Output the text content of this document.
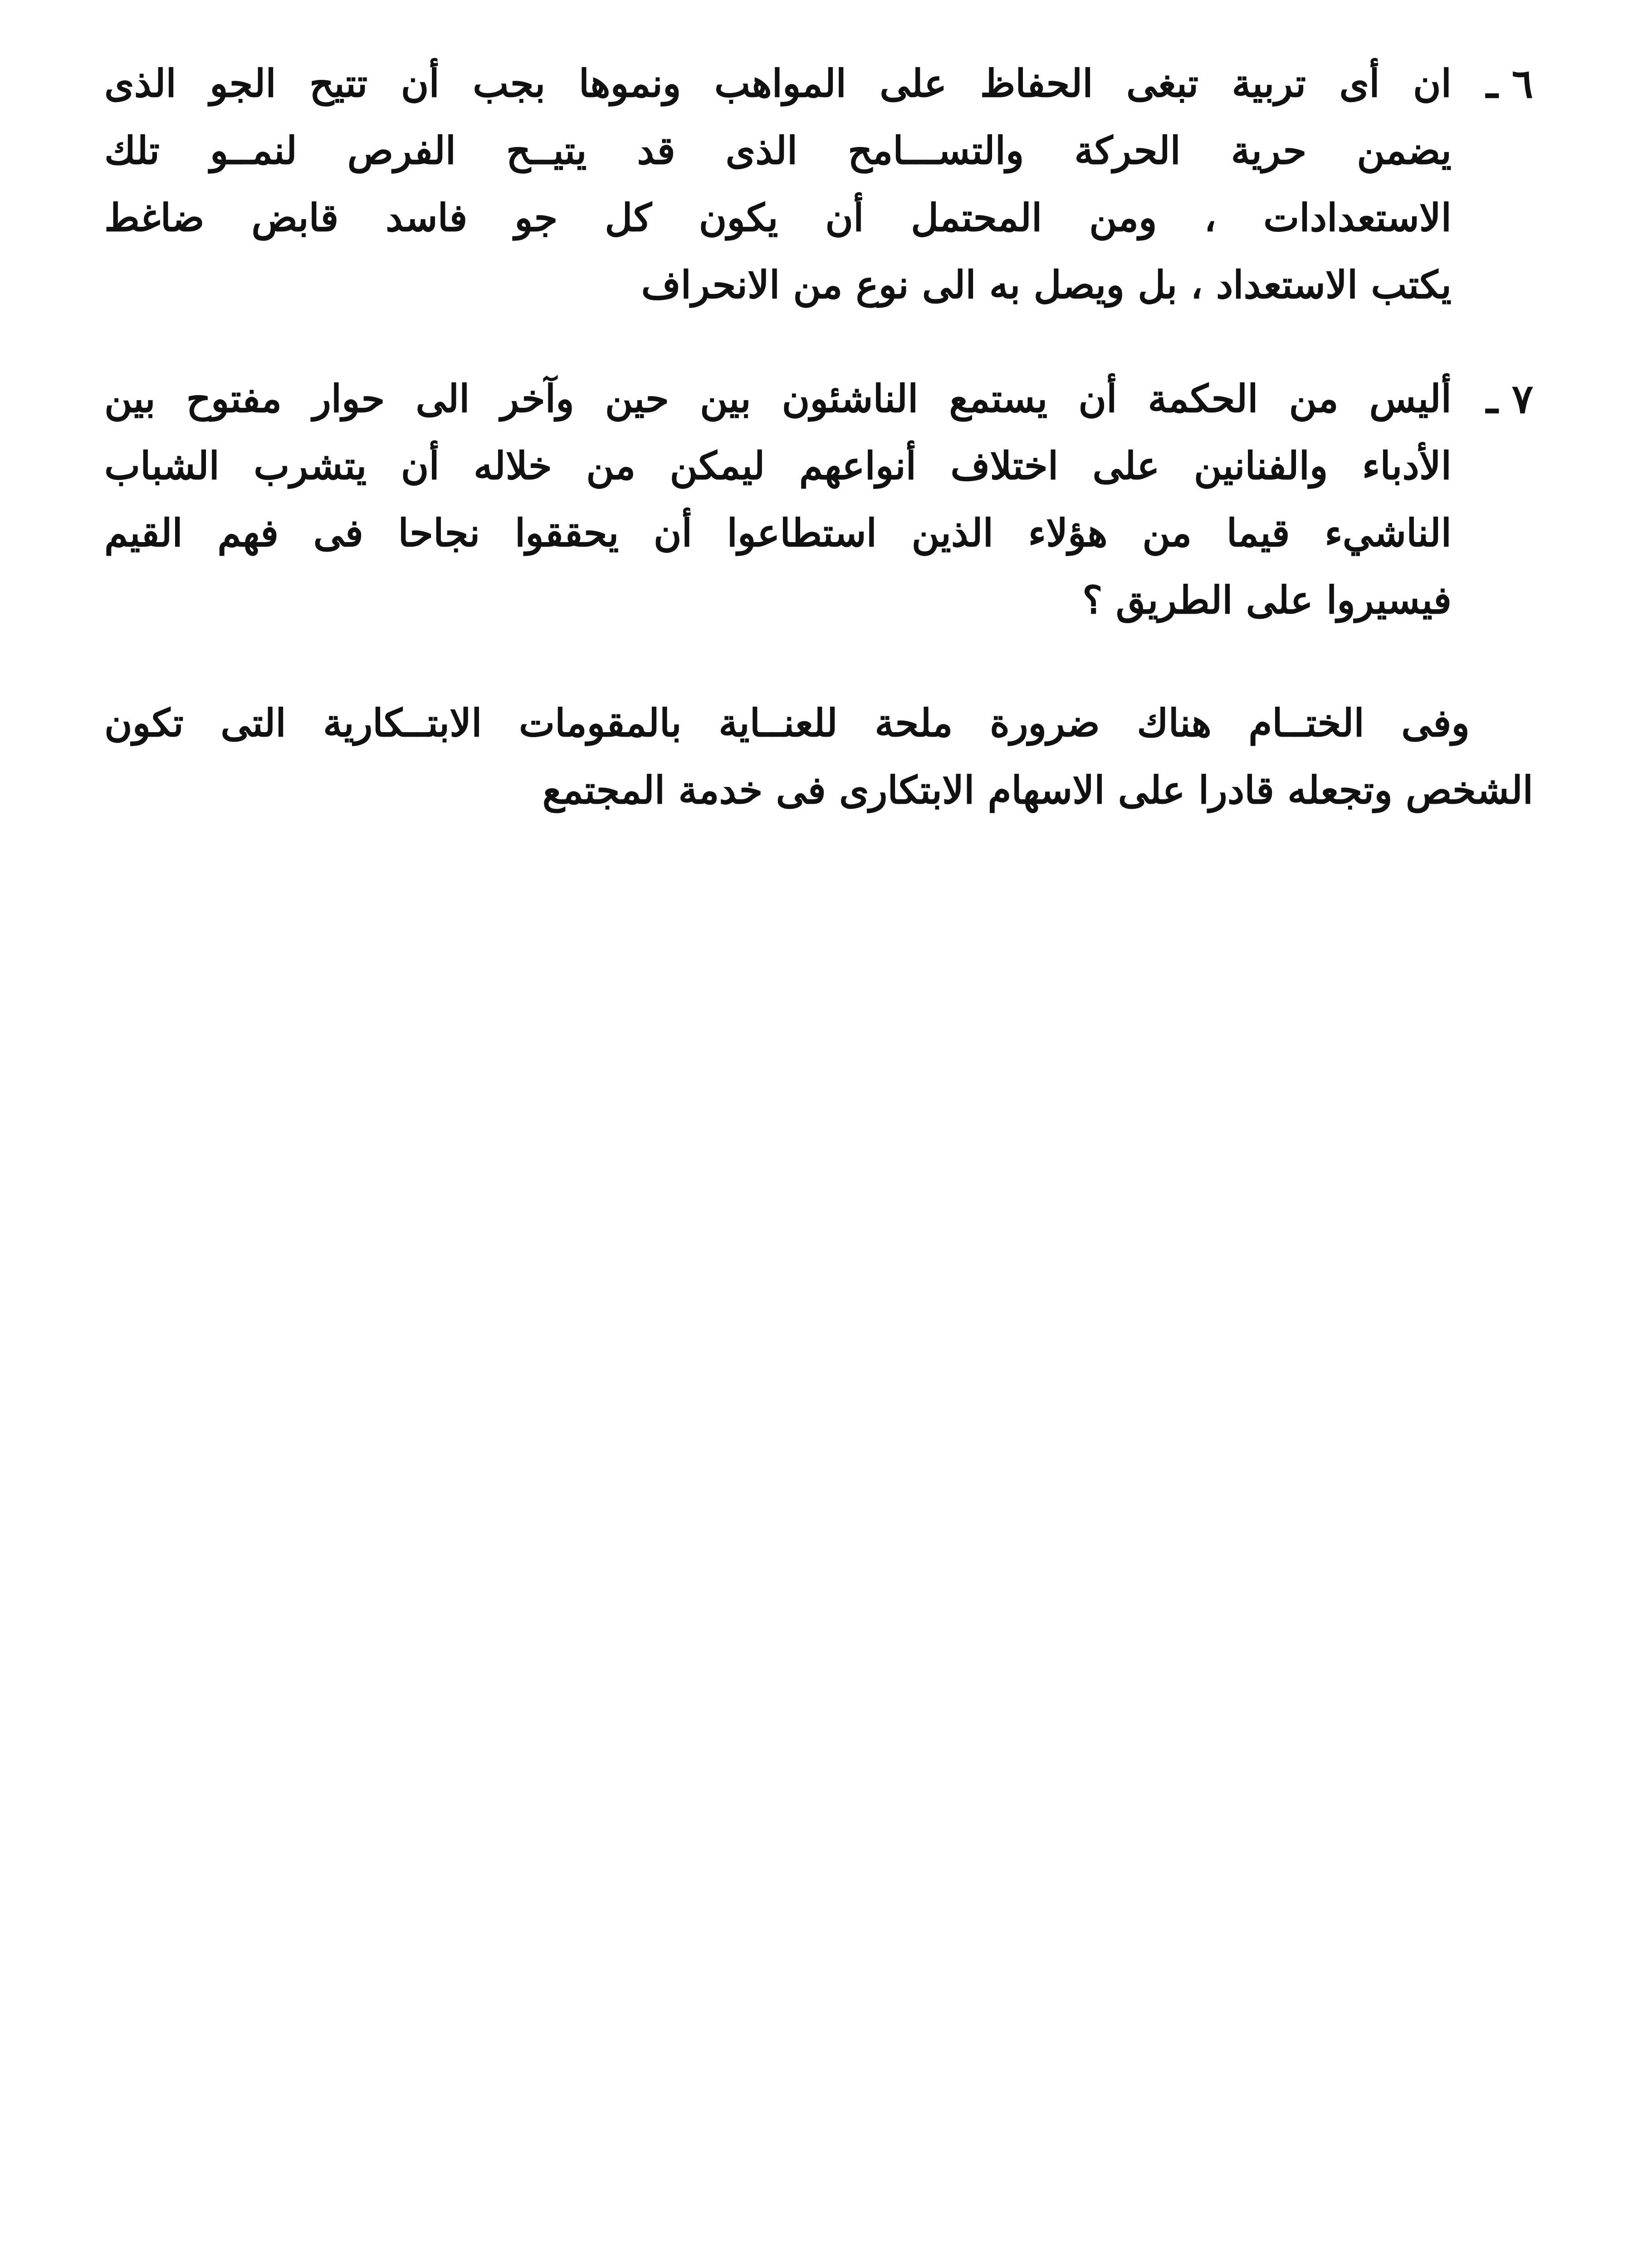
٦ ـ
ان أى تربية تبغى الحفاظ على المواهب ونموها بجب أن تتيح الجو الذى
يضمن حرية الحركة والتســـامح الذى قد يتيــح الفرص لنمــو تلك
الاستعدادات ، ومن المحتمل أن يكون كل جو فاسد قابض ضاغط
يكتب الاستعداد ، بل ويصل به الى نوع من الانحراف
٧ ـ
أليس من الحكمة أن يستمع الناشئون بين حين وآخر الى حوار مفتوح بين
الأدباء والفنانين على اختلاف أنواعهم ليمكن من خلاله أن يتشرب الشباب
الناشيء قيما من هؤلاء الذين استطاعوا أن يحققوا نجاحا فى فهم القيم
فيسيروا على الطريق ؟
وفى الختــام هناك ضرورة ملحة للعنــاية بالمقومات الابتــكارية التى تكون
الشخص وتجعله قادرا على الاسهام الابتكارى فى خدمة المجتمع
